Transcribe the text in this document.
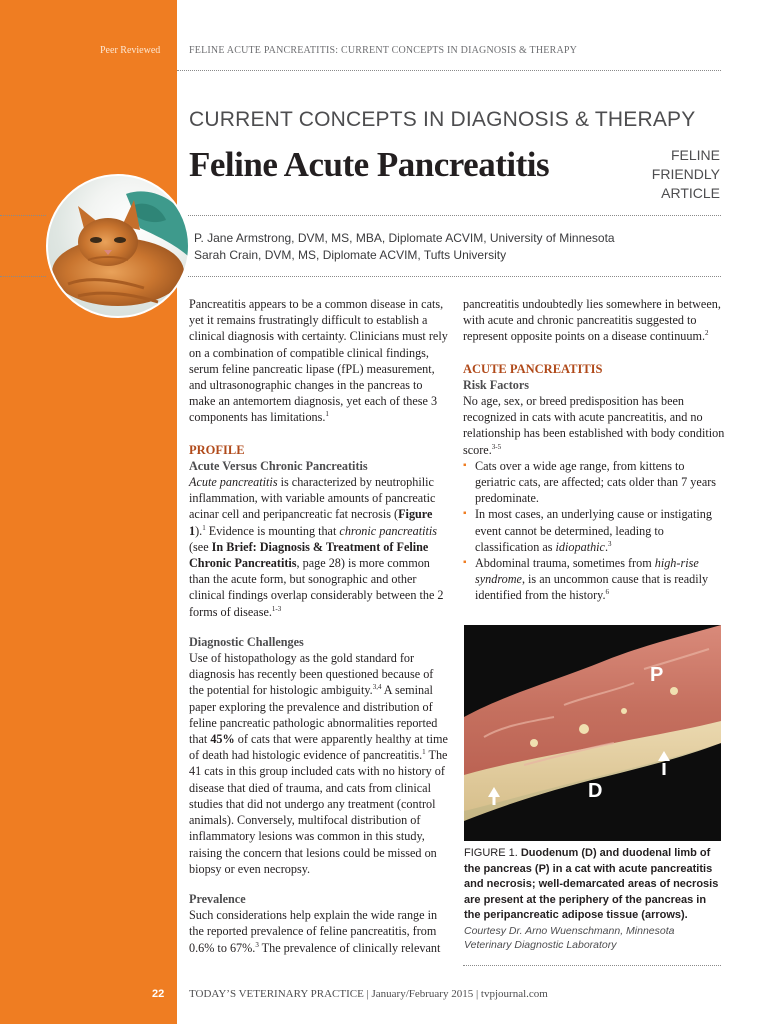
Peer Reviewed
22
FELINE ACUTE PANCREATITIS: CURRENT CONCEPTS IN DIAGNOSIS & THERAPY
CURRENT CONCEPTS IN DIAGNOSIS & THERAPY
Feline Acute Pancreatitis	FELINE
FRIENDLY
ARTICLE
P. Jane Armstrong, DVM, MS, MBA, Diplomate ACVIM, University of Minnesota
Sarah Crain, DVM, MS, Diplomate ACVIM, Tufts University

Pancreatitis appears to be a common disease in cats, yet it remains frustratingly difficult to establish a clinical diagnosis with certainty. Clinicians must rely on a combination of compatible clinical findings, serum feline pancreatic lipase (fPL) measurement, and ultrasonographic changes in the pancreas to make an antemortem diagnosis, yet each of these 3 components has limitations.$^1$

PROFILE

Acute Versus Chronic Pancreatitis

Acute pancreatitis is characterized by neutrophilic inflammation, with variable amounts of pancreatic acinar cell and peripancreatic fat necrosis (Figure 1).$^1$ Evidence is mounting that chronic pancreatitis (see In Brief: Diagnosis & Treatment of Feline Chronic Pancreatitis, page 28) is more common than the acute form, but sonographic and other clinical findings overlap considerably between the 2 forms of disease.$^{1-3}$

Diagnostic Challenges

Use of histopathology as the gold standard for diagnosis has recently been questioned because of the potential for histologic ambiguity.$^{3,4}$ A seminal paper exploring the prevalence and distribution of feline pancreatic pathologic abnormalities reported that 45% of cats that were apparently healthy at time of death had histologic evidence of pancreatitis.$^1$ The 41 cats in this group included cats with no history of disease that died of trauma, and cats from clinical studies that did not undergo any treatment (control animals). Conversely, multifocal distribution of inflammatory lesions was common in this study, raising the concern that lesions could be missed on biopsy or even necropsy.

Prevalence

Such considerations help explain the wide range in the reported prevalence of feline pancreatitis, from 0.6% to 67%.$^3$ The prevalence of clinically relevant

pancreatitis undoubtedly lies somewhere in between, with acute and chronic pancreatitis suggested to represent opposite points on a disease continuum.$^2$

ACUTE PANCREATITIS

Risk Factors

No age, sex, or breed predisposition has been recognized in cats with acute pancreatitis, and no relationship has been established with body condition score.$^{3-5}$

▪ Cats over a wide age range, from kittens to geriatric cats, are affected; cats older than 7 years predominate.
▪ In most cases, an underlying cause or instigating event cannot be determined, leading to classification as idiopathic.$^3$
▪ Abdominal trauma, sometimes from high-rise syndrome, is an uncommon cause that is readily identified from the history.$^6$
P
D
FIGURE 1. Duodenum (D) and duodenal limb of the pancreas (P) in a cat with acute pancreatitis and necrosis; well-demarcated areas of necrosis are present at the periphery of the pancreas in the peripancreatic adipose tissue (arrows).
Courtesy Dr. Arno Wuenschmann, Minnesota Veterinary Diagnostic Laboratory
TODAY’S VETERINARY PRACTICE | January/February 2015 | tvpjournal.com
